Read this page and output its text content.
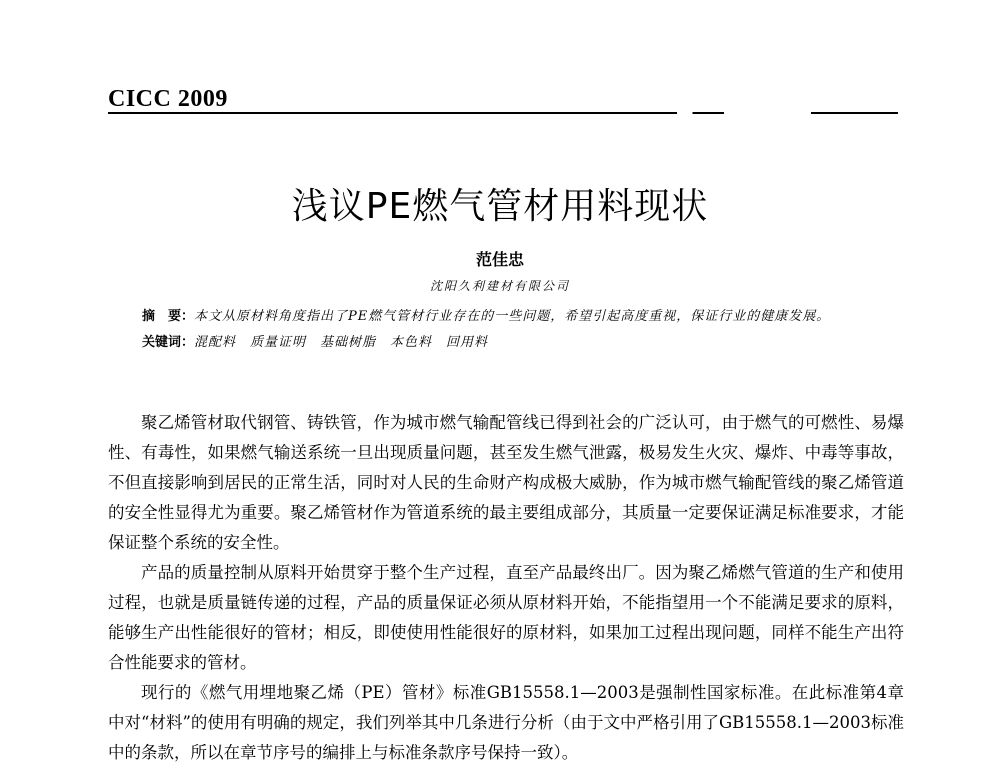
CICC 2009
浅议PE燃气管材用料现状
范佳忠
沈阳久利建材有限公司
摘　要：本文从原材料角度指出了PE燃气管材行业存在的一些问题，希望引起高度重视，保证行业的健康发展。
关键词：混配料　质量证明　基础树脂　本色料　回用料

聚乙烯管材取代钢管、铸铁管，作为城市燃气输配管线已得到社会的广泛认可，由于燃气的可燃性、易爆性、有毒性，如果燃气输送系统一旦出现质量问题，甚至发生燃气泄露，极易发生火灾、爆炸、中毒等事故，不但直接影响到居民的正常生活，同时对人民的生命财产构成极大威胁，作为城市燃气输配管线的聚乙烯管道的安全性显得尤为重要。聚乙烯管材作为管道系统的最主要组成部分，其质量一定要保证满足标准要求，才能保证整个系统的安全性。

产品的质量控制从原料开始贯穿于整个生产过程，直至产品最终出厂。因为聚乙烯燃气管道的生产和使用过程，也就是质量链传递的过程，产品的质量保证必须从原材料开始，不能指望用一个不能满足要求的原料，能够生产出性能很好的管材；相反，即使使用性能很好的原材料，如果加工过程出现问题，同样不能生产出符合性能要求的管材。

现行的《燃气用埋地聚乙烯（PE）管材》标准GB15558.1—2003是强制性国家标准。在此标准第4章中对“材料”的使用有明确的规定，我们列举其中几条进行分析（由于文中严格引用了GB15558.1—2003标准中的条款，所以在章节序号的编排上与标准条款序号保持一致）。
